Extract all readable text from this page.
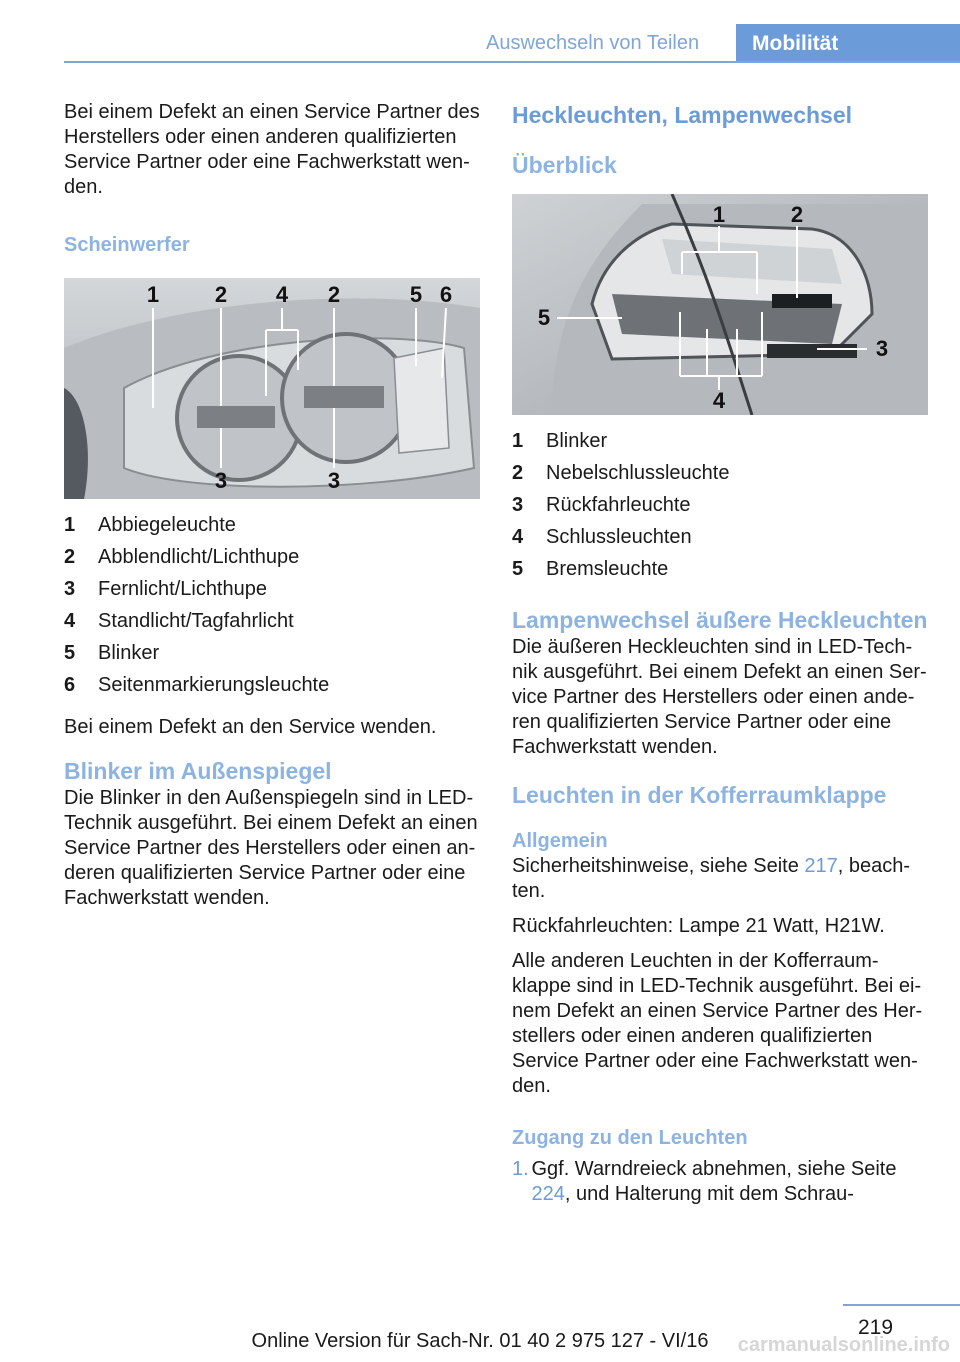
Auswechseln von Teilen	Mobilität

Bei einem Defekt an einen Service Partner des Herstellers oder einen anderen qualifizierten Service Partner oder eine Fachwerkstatt wen-den.

Scheinwerfer
1	2 4 2	5 6
3	3
1	Abbiegeleuchte
2	Abblendlicht/Lichthupe
3	Fernlicht/Lichthupe
4	Standlicht/Tagfahrlicht
5	Blinker
6	Seitenmarkierungsleuchte

Bei einem Defekt an den Service wenden.

Blinker im Außenspiegel

Die Blinker in den Außenspiegeln sind in LED-Technik ausgeführt. Bei einem Defekt an einen Service Partner des Herstellers oder einen an-deren qualifizierten Service Partner oder eine Fachwerkstatt wenden.

Heckleuchten, Lampenwechsel
Überblick
1	2
5
3
4
1	Blinker
2	Nebelschlussleuchte
3	Rückfahrleuchte
4	Schlussleuchten
5	Bremsleuchte
Lampenwechsel äußere Heckleuchten

Die äußeren Heckleuchten sind in LED-Tech-nik ausgeführt. Bei einem Defekt an einen Ser-vice Partner des Herstellers oder einen ande-ren qualifizierten Service Partner oder eine Fachwerkstatt wenden.

Leuchten in der Kofferraumklappe
Allgemein

Sicherheitshinweise, siehe Seite 217, beach-ten.

Rückfahrleuchten: Lampe 21 Watt, H21W.

Alle anderen Leuchten in der Kofferraum-klappe sind in LED-Technik ausgeführt. Bei ei-nem Defekt an einen Service Partner des Her-stellers oder einen anderen qualifizierten Service Partner oder eine Fachwerkstatt wen-den.

Zugang zu den Leuchten
1. Ggf. Warndreieck abnehmen, siehe Seite 224, und Halterung mit dem Schrau-
219
Online Version für Sach-Nr. 01 40 2 975 127 - VI/16	carmanualsonline.info
